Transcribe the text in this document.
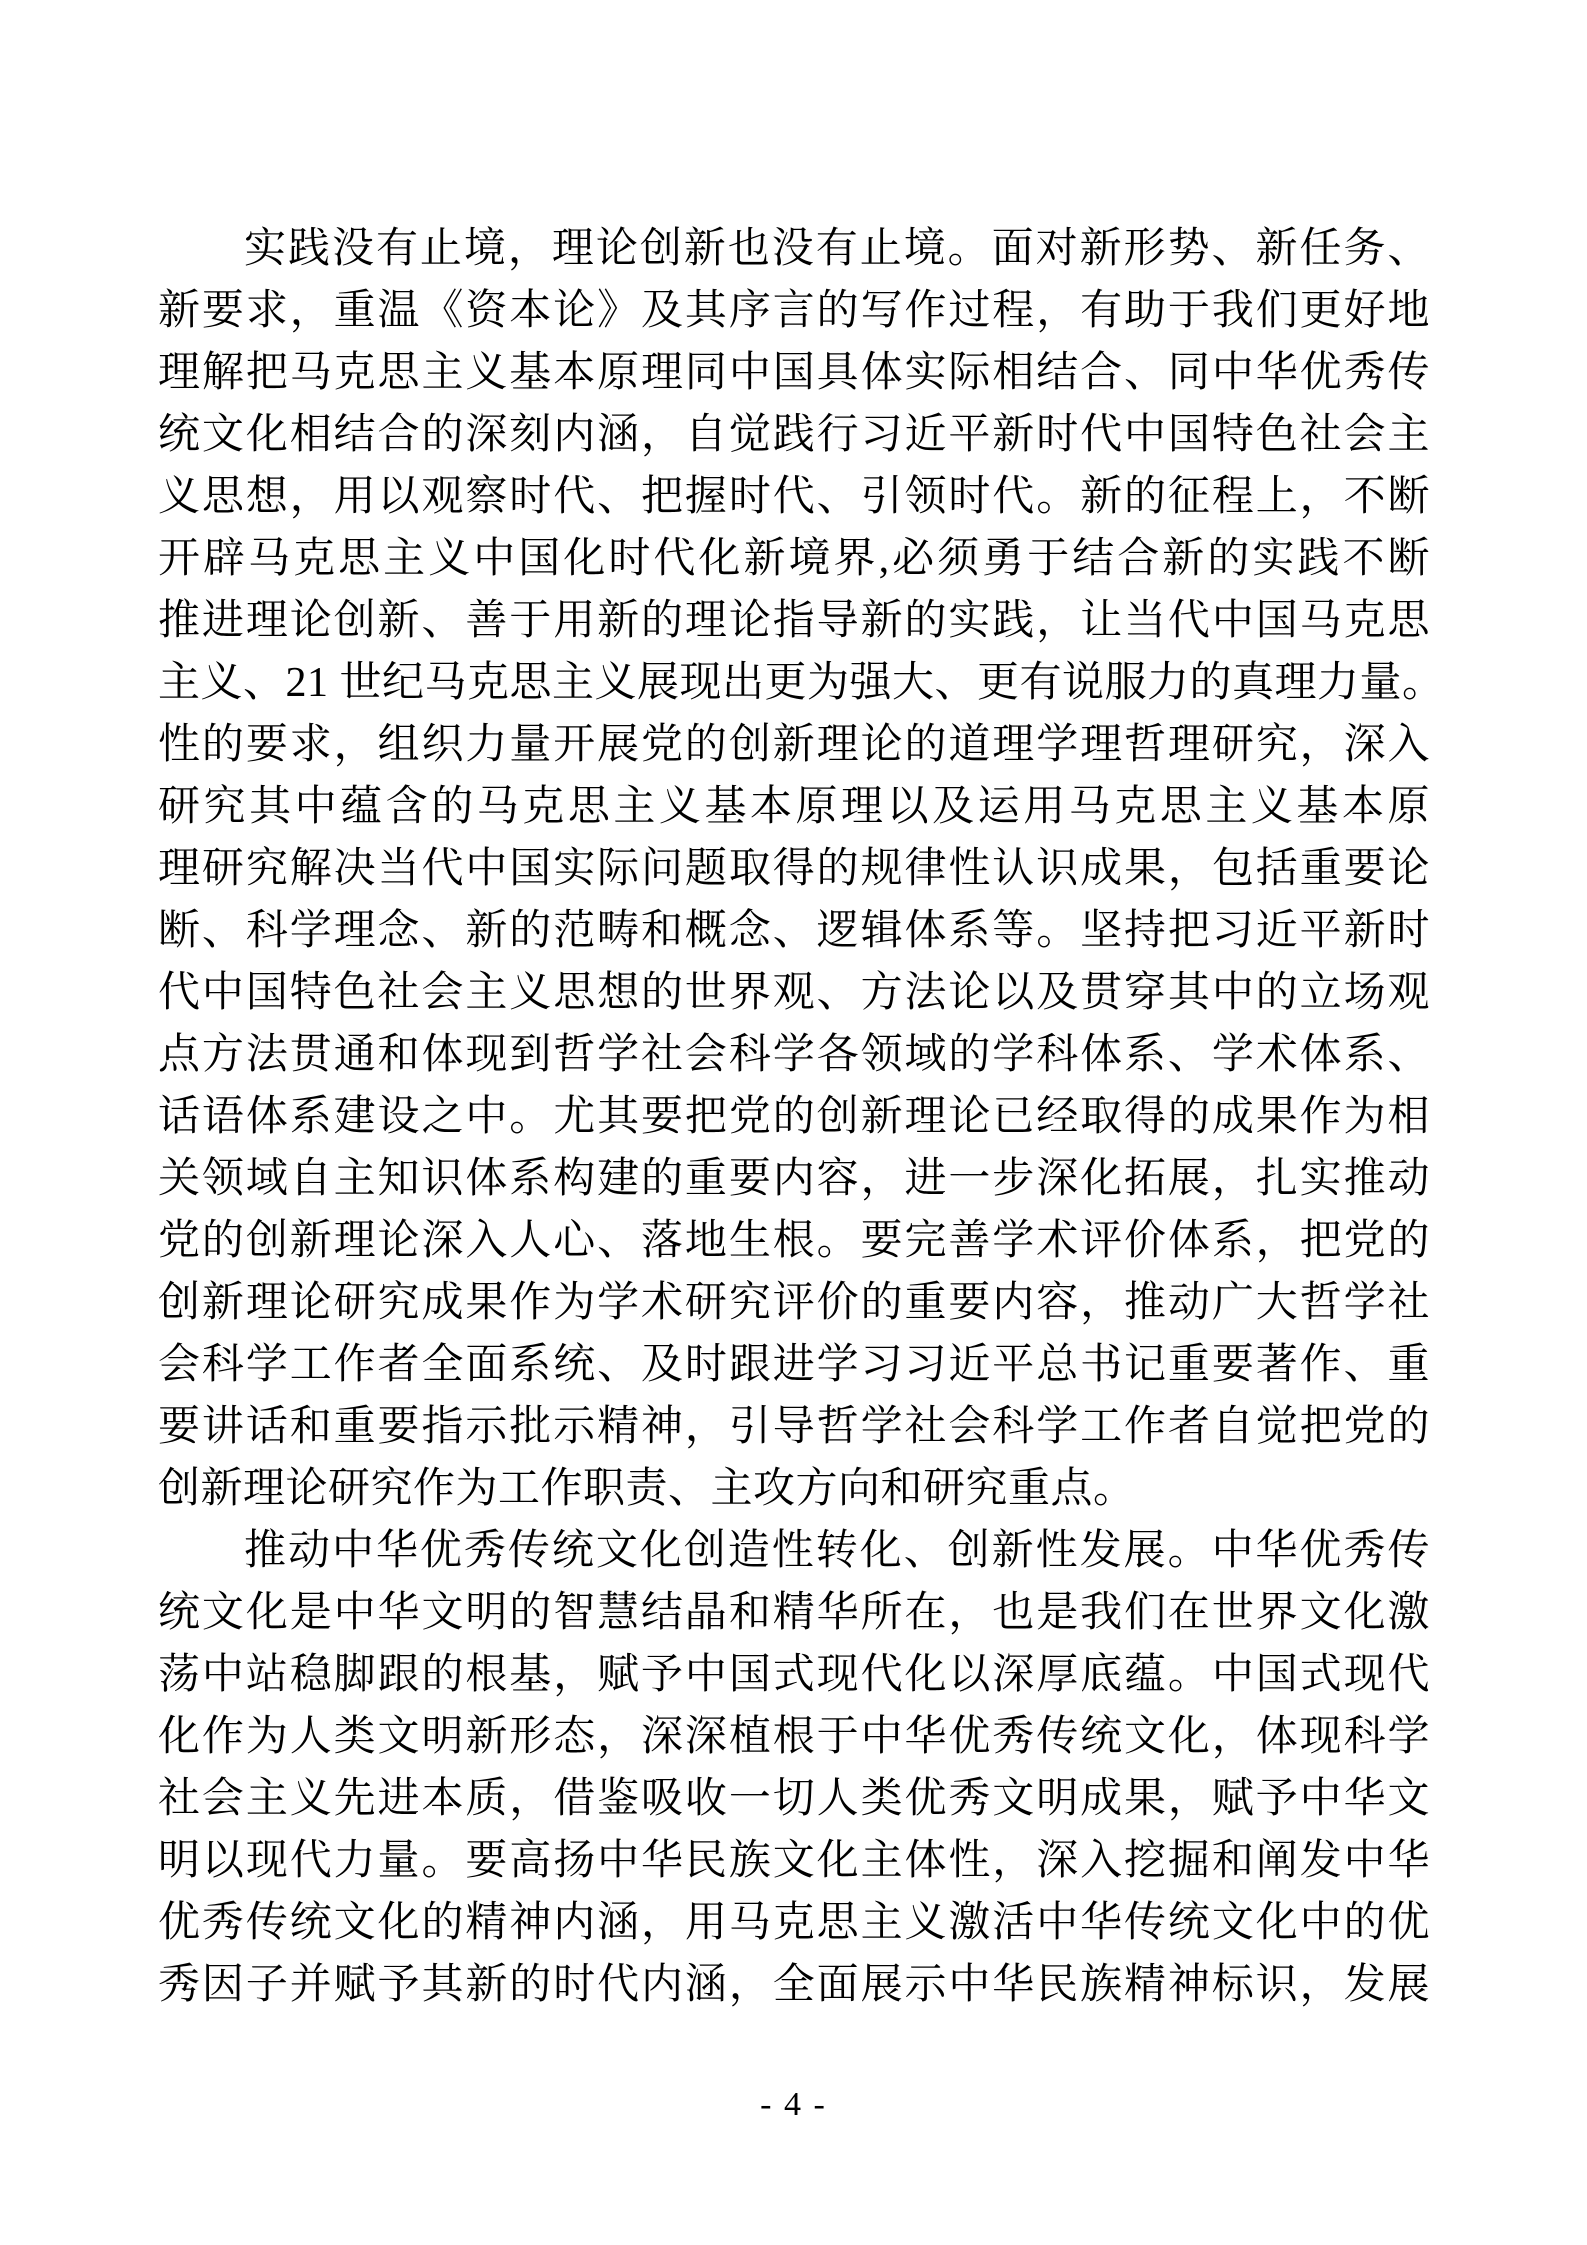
实践没有止境，理论创新也没有止境。面对新形势、新任务、
新要求，重温《资本论》及其序言的写作过程，有助于我们更好地
理解把马克思主义基本原理同中国具体实际相结合、同中华优秀传
统文化相结合的深刻内涵，自觉践行习近平新时代中国特色社会主
义思想，用以观察时代、把握时代、引领时代。新的征程上，不断
开辟马克思主义中国化时代化新境界,必须勇于结合新的实践不断
推进理论创新、善于用新的理论指导新的实践，让当代中国马克思
主义、21 世纪马克思主义展现出更为强大、更有说服力的真理力量。
性的要求，组织力量开展党的创新理论的道理学理哲理研究，深入
研究其中蕴含的马克思主义基本原理以及运用马克思主义基本原
理研究解决当代中国实际问题取得的规律性认识成果，包括重要论
断、科学理念、新的范畴和概念、逻辑体系等。坚持把习近平新时
代中国特色社会主义思想的世界观、方法论以及贯穿其中的立场观
点方法贯通和体现到哲学社会科学各领域的学科体系、学术体系、
话语体系建设之中。尤其要把党的创新理论已经取得的成果作为相
关领域自主知识体系构建的重要内容，进一步深化拓展，扎实推动
党的创新理论深入人心、落地生根。要完善学术评价体系，把党的
创新理论研究成果作为学术研究评价的重要内容，推动广大哲学社
会科学工作者全面系统、及时跟进学习习近平总书记重要著作、重
要讲话和重要指示批示精神，引导哲学社会科学工作者自觉把党的
创新理论研究作为工作职责、主攻方向和研究重点。
推动中华优秀传统文化创造性转化、创新性发展。中华优秀传
统文化是中华文明的智慧结晶和精华所在，也是我们在世界文化激
荡中站稳脚跟的根基，赋予中国式现代化以深厚底蕴。中国式现代
化作为人类文明新形态，深深植根于中华优秀传统文化，体现科学
社会主义先进本质，借鉴吸收一切人类优秀文明成果，赋予中华文
明以现代力量。要高扬中华民族文化主体性，深入挖掘和阐发中华
优秀传统文化的精神内涵，用马克思主义激活中华传统文化中的优
秀因子并赋予其新的时代内涵，全面展示中华民族精神标识，发展
- 4 -
